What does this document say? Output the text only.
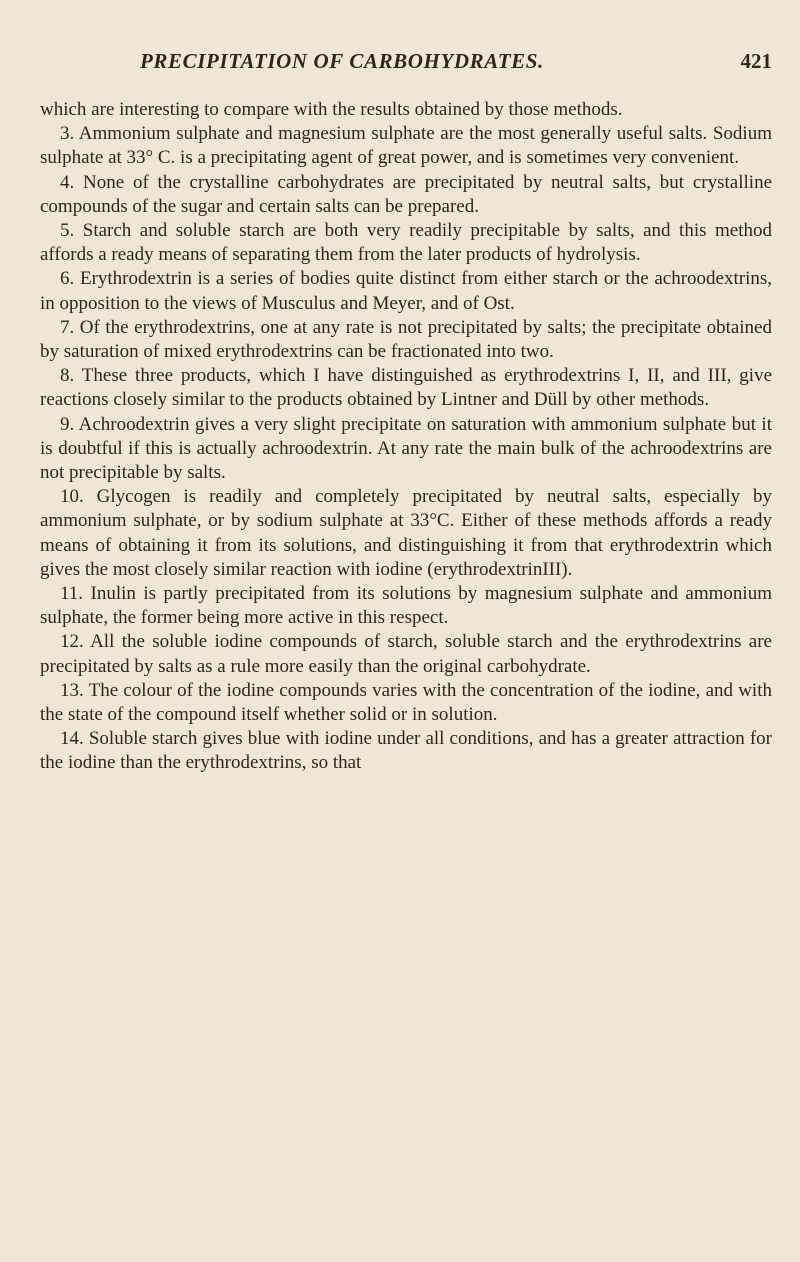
PRECIPITATION OF CARBOHYDRATES.	421

which are interesting to compare with the results obtained by those methods.

3. Ammonium sulphate and magnesium sulphate are the most generally useful salts. Sodium sulphate at 33° C. is a precipitating agent of great power, and is sometimes very convenient.

4. None of the crystalline carbohydrates are precipitated by neutral salts, but crystalline compounds of the sugar and certain salts can be prepared.

5. Starch and soluble starch are both very readily precipitable by salts, and this method affords a ready means of separating them from the later products of hydrolysis.

6. Erythrodextrin is a series of bodies quite distinct from either starch or the achroodextrins, in opposition to the views of Musculus and Meyer, and of Ost.

7. Of the erythrodextrins, one at any rate is not precipitated by salts; the precipitate obtained by saturation of mixed erythrodextrins can be fractionated into two.

8. These three products, which I have distinguished as erythrodextrins I, II, and III, give reactions closely similar to the products obtained by Lintner and Düll by other methods.

9. Achroodextrin gives a very slight precipitate on saturation with ammonium sulphate but it is doubtful if this is actually achroodextrin. At any rate the main bulk of the achroodextrins are not precipitable by salts.

10. Glycogen is readily and completely precipitated by neutral salts, especially by ammonium sulphate, or by sodium sulphate at 33°C. Either of these methods affords a ready means of obtaining it from its solutions, and distinguishing it from that erythrodextrin which gives the most closely similar reaction with iodine (erythrodextrinIII).

11. Inulin is partly precipitated from its solutions by magnesium sulphate and ammonium sulphate, the former being more active in this respect.

12. All the soluble iodine compounds of starch, soluble starch and the erythrodextrins are precipitated by salts as a rule more easily than the original carbohydrate.

13. The colour of the iodine compounds varies with the concentration of the iodine, and with the state of the compound itself whether solid or in solution.

14. Soluble starch gives blue with iodine under all conditions, and has a greater attraction for the iodine than the erythrodextrins, so that
